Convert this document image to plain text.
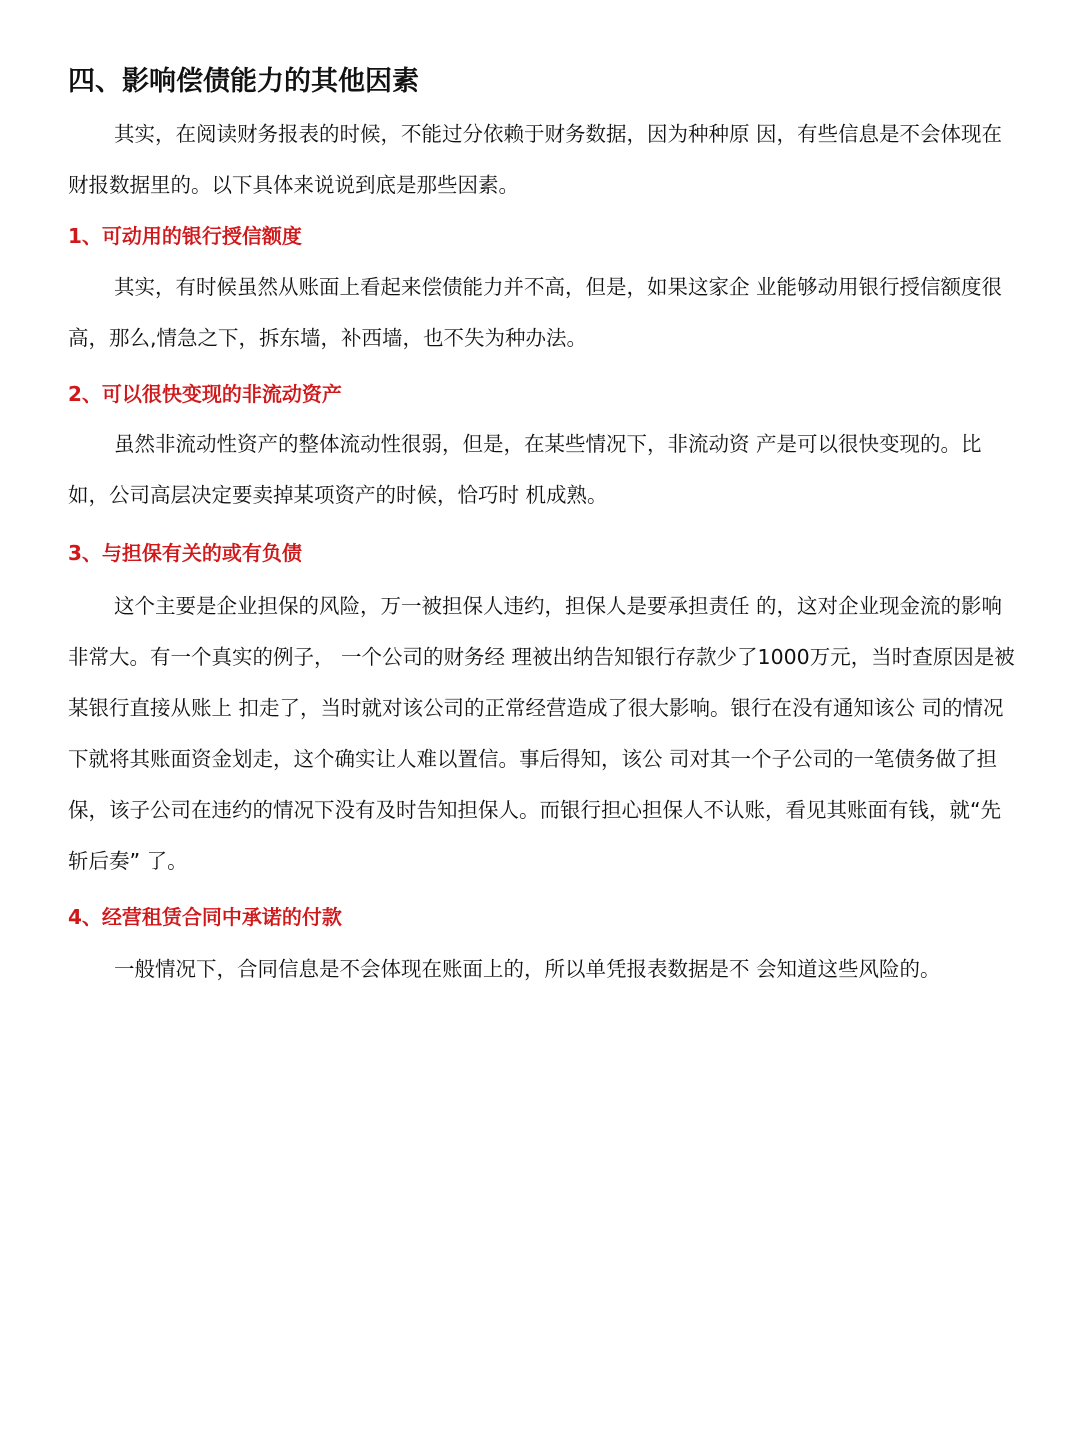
四、影响偿债能力的其他因素

其实，在阅读财务报表的时候，不能过分依赖于财务数据，因为种种原 因，有些信息是不会体现在财报数据里的。以下具体来说说到底是那些因素。

1、可动用的银行授信额度

其实，有时候虽然从账面上看起来偿债能力并不高，但是，如果这家企 业能够动用银行授信额度很高，那么,情急之下，拆东墙，补西墙，也不失为种办法。

2、可以很快变现的非流动资产

虽然非流动性资产的整体流动性很弱，但是，在某些情况下，非流动资 产是可以很快变现的。比如，公司高层决定要卖掉某项资产的时候，恰巧时 机成熟。

3、与担保有关的或有负债

这个主要是企业担保的风险，万一被担保人违约，担保人是要承担责任 的，这对企业现金流的影响非常大。有一个真实的例子， 一个公司的财务经 理被出纳告知银行存款少了1000万元，当时查原因是被某银行直接从账上 扣走了，当时就对该公司的正常经营造成了很大影响。银行在没有通知该公 司的情况下就将其账面资金划走，这个确实让人难以置信。事后得知，该公 司对其一个子公司的一笔债务做了担保，该子公司在违约的情况下没有及时告知担保人。而银行担心担保人不认账，看见其账面有钱，就“先斩后奏” 了。

4、经营租赁合同中承诺的付款

一般情况下，合同信息是不会体现在账面上的，所以单凭报表数据是不 会知道这些风险的。
